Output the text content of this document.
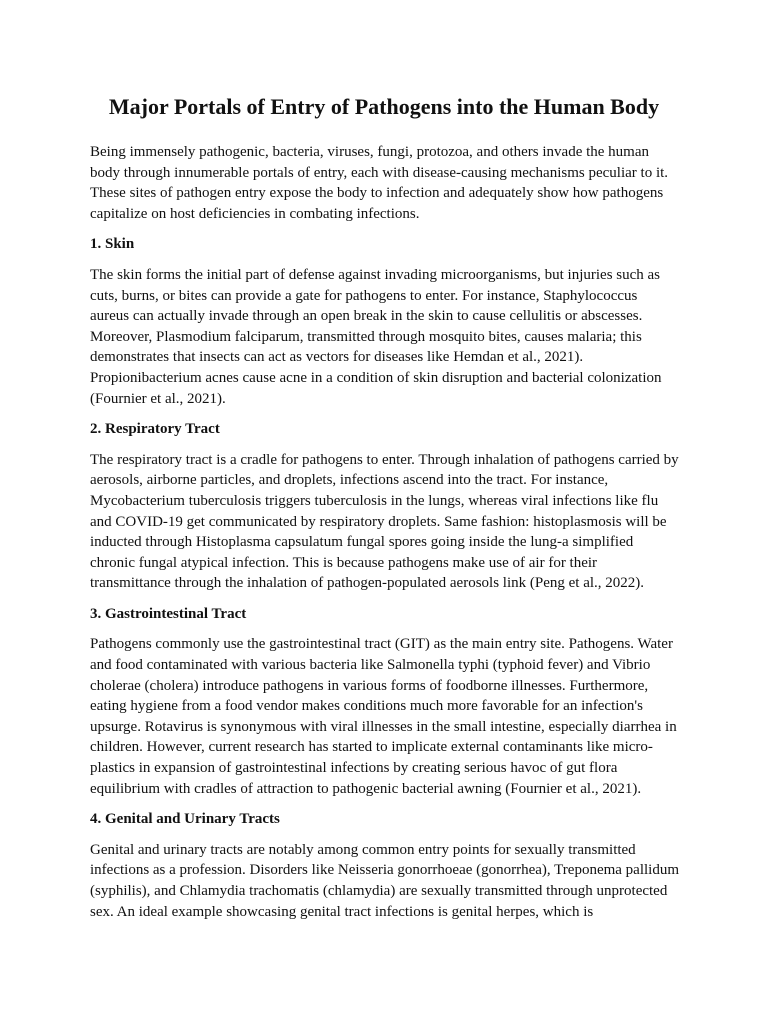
Major Portals of Entry of Pathogens into the Human Body

Being immensely pathogenic, bacteria, viruses, fungi, protozoa, and others invade the human body through innumerable portals of entry, each with disease-causing mechanisms peculiar to it. These sites of pathogen entry expose the body to infection and adequately show how pathogens capitalize on host deficiencies in combating infections.

1. Skin

The skin forms the initial part of defense against invading microorganisms, but injuries such as cuts, burns, or bites can provide a gate for pathogens to enter. For instance, Staphylococcus aureus can actually invade through an open break in the skin to cause cellulitis or abscesses. Moreover, Plasmodium falciparum, transmitted through mosquito bites, causes malaria; this demonstrates that insects can act as vectors for diseases like Hemdan et al., 2021). Propionibacterium acnes cause acne in a condition of skin disruption and bacterial colonization (Fournier et al., 2021).

2. Respiratory Tract

The respiratory tract is a cradle for pathogens to enter. Through inhalation of pathogens carried by aerosols, airborne particles, and droplets, infections ascend into the tract. For instance, Mycobacterium tuberculosis triggers tuberculosis in the lungs, whereas viral infections like flu and COVID-19 get communicated by respiratory droplets. Same fashion: histoplasmosis will be inducted through Histoplasma capsulatum fungal spores going inside the lung-a simplified chronic fungal atypical infection. This is because pathogens make use of air for their transmittance through the inhalation of pathogen-populated aerosols link (Peng et al., 2022).

3. Gastrointestinal Tract

Pathogens commonly use the gastrointestinal tract (GIT) as the main entry site. Pathogens. Water and food contaminated with various bacteria like Salmonella typhi (typhoid fever) and Vibrio cholerae (cholera) introduce pathogens in various forms of foodborne illnesses. Furthermore, eating hygiene from a food vendor makes conditions much more favorable for an infection's upsurge. Rotavirus is synonymous with viral illnesses in the small intestine, especially diarrhea in children. However, current research has started to implicate external contaminants like micro-plastics in expansion of gastrointestinal infections by creating serious havoc of gut flora equilibrium with cradles of attraction to pathogenic bacterial awning (Fournier et al., 2021).

4. Genital and Urinary Tracts

Genital and urinary tracts are notably among common entry points for sexually transmitted infections as a profession. Disorders like Neisseria gonorrhoeae (gonorrhea), Treponema pallidum (syphilis), and Chlamydia trachomatis (chlamydia) are sexually transmitted through unprotected sex. An ideal example showcasing genital tract infections is genital herpes, which is
